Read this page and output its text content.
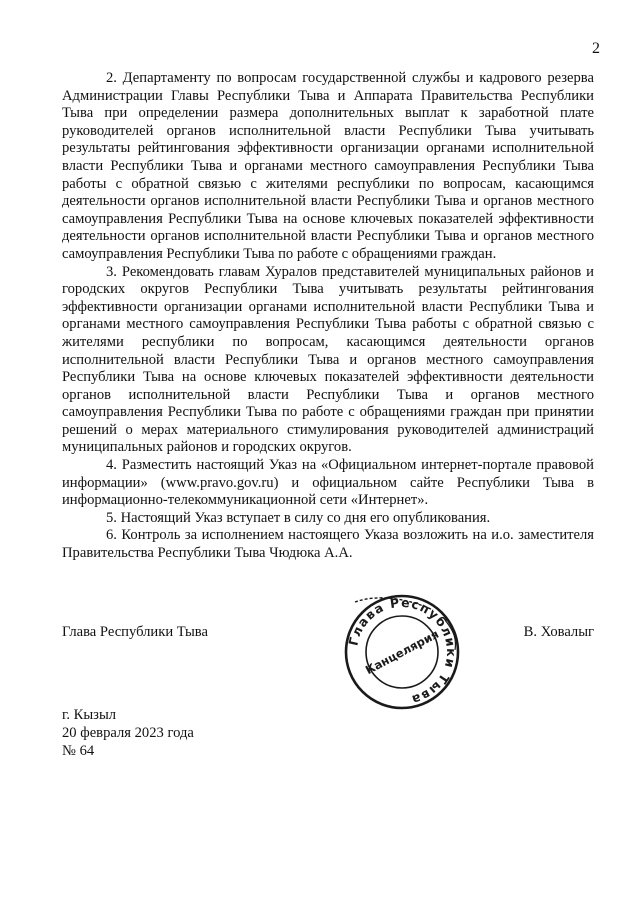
2

2. Департаменту по вопросам государственной службы и кадрового резерва Администрации Главы Республики Тыва и Аппарата Правительства Республики Тыва при определении размера дополнительных выплат к заработной плате руководителей органов исполнительной власти Республики Тыва учитывать результаты рейтингования эффективности организации органами исполнительной власти Республики Тыва и органами местного самоуправления Республики Тыва работы с обратной связью с жителями республики по вопросам, касающимся деятельности органов исполнительной власти Республики Тыва и органов местного самоуправления Республики Тыва на основе ключевых показателей эффективности деятельности органов исполнительной власти Республики Тыва и органов местного самоуправления Республики Тыва по работе с обращениями граждан.

3. Рекомендовать главам Хуралов представителей муниципальных районов и городских округов Республики Тыва учитывать результаты рейтингования эффективности организации органами исполнительной власти Республики Тыва и органами местного самоуправления Республики Тыва работы с обратной связью с жителями республики по вопросам, касающимся деятельности органов исполнительной власти Республики Тыва и органов местного самоуправления Республики Тыва на основе ключевых показателей эффективности деятельности органов исполнительной власти Республики Тыва и органов местного самоуправления Республики Тыва по работе с обращениями граждан при принятии решений о мерах материального стимулирования руководителей администраций муниципальных районов и городских округов.

4. Разместить настоящий Указ на «Официальном интернет-портале правовой информации» (www.pravo.gov.ru) и официальном сайте Республики Тыва в информационно-телекоммуникационной сети «Интернет».

5. Настоящий Указ вступает в силу со дня его опубликования.

6. Контроль за исполнением настоящего Указа возложить на и.о. заместителя Правительства Республики Тыва Чюдюка А.А.

Глава Республики Тыва	В. Ховалыг
Глава Республики Тыва
Канцелярия
г. Кызыл
20 февраля 2023 года
№ 64
